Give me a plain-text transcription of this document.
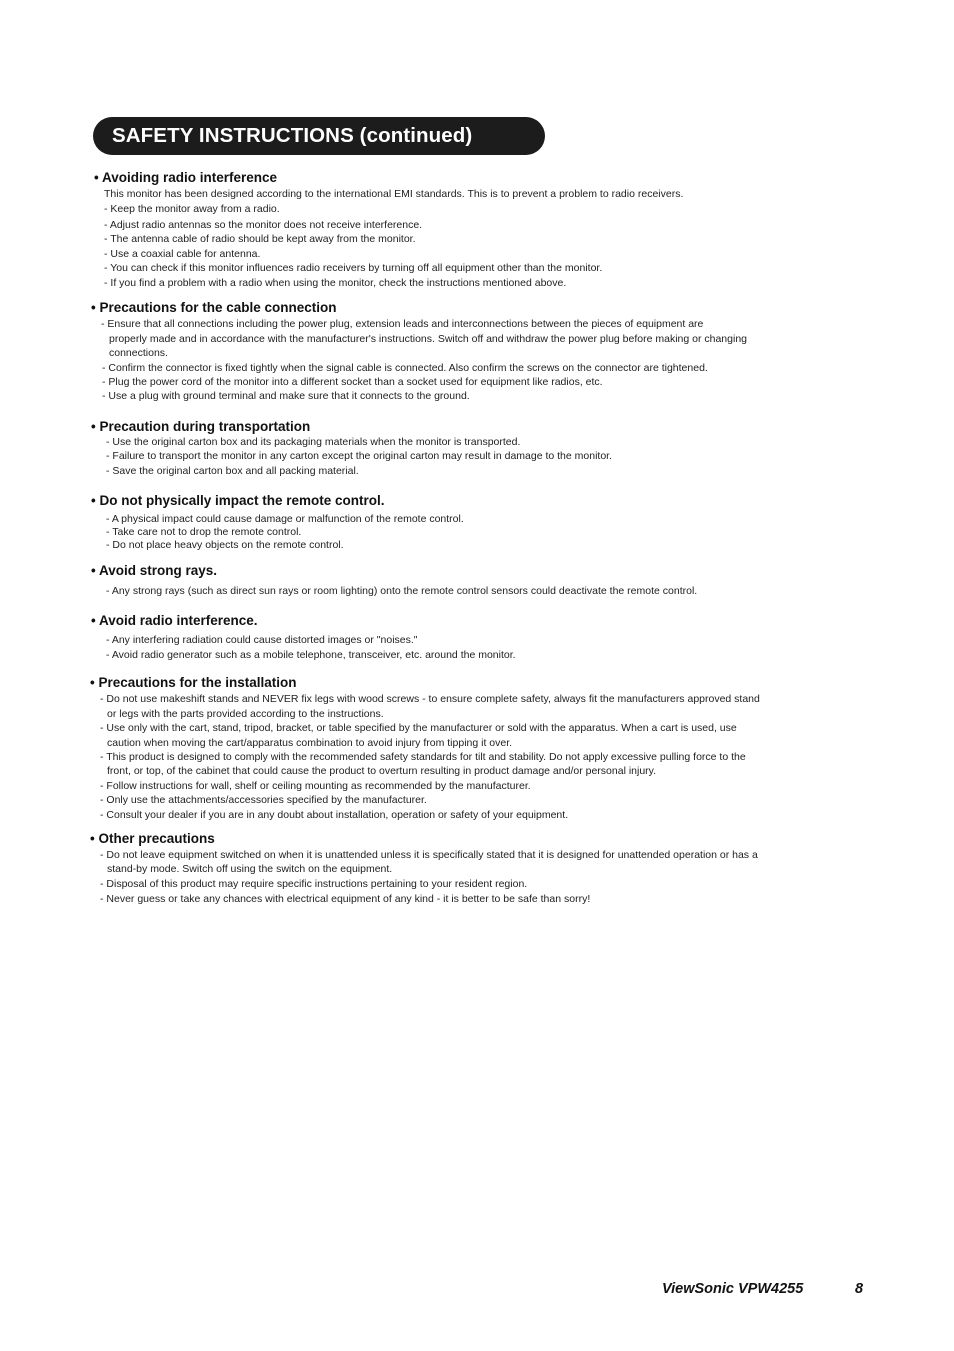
SAFETY INSTRUCTIONS (continued)
• Avoiding radio interference
This monitor has been designed according to the international EMI standards. This is to prevent a problem to radio receivers.
- Keep the monitor away from a radio.
- Adjust radio antennas so the monitor does not receive interference.
- The antenna cable of radio should be kept away from the monitor.
- Use a coaxial cable for antenna.
- You can check if this monitor influences radio receivers by turning off all equipment other than the monitor.
- If you find a problem with a radio when using the monitor, check the instructions mentioned above.
• Precautions for the cable connection
- Ensure that all connections including the power plug, extension leads and interconnections between the pieces of equipment are
properly made and in accordance with the manufacturer's instructions. Switch off and withdraw the power plug before making or changing
connections.
- Confirm the connector is fixed tightly when the signal cable is connected. Also confirm the screws on the connector are tightened.
- Plug the power cord of the monitor into a different socket than a socket used for equipment like radios, etc.
- Use a plug with ground terminal and make sure that it connects to the ground.
• Precaution during transportation
- Use the original carton box and its packaging materials when the monitor is transported.
- Failure to transport the monitor in any carton except the original carton may result in damage to the monitor.
- Save the original carton box and all packing material.
• Do not physically impact the remote control.
- A physical impact could cause damage or malfunction of the remote control.
- Take care not to drop the remote control.
- Do not place heavy objects on the remote control.
• Avoid strong rays.
- Any strong rays (such as direct sun rays or room lighting) onto the remote control sensors could deactivate the remote control.
• Avoid radio interference.
- Any interfering radiation could cause distorted images or "noises."
- Avoid radio generator such as a mobile telephone, transceiver, etc. around the monitor.
• Precautions for the installation
- Do not use makeshift stands and NEVER fix legs with wood screws - to ensure complete safety, always fit the manufacturers approved stand
or legs with the parts provided according to the instructions.
- Use only with the cart, stand, tripod, bracket, or table specified by the manufacturer or sold with the apparatus. When a cart is used, use
caution when moving the cart/apparatus combination to avoid injury from tipping it over.
- This product is designed to comply with the recommended safety standards for tilt and stability. Do not apply excessive pulling force to the
front, or top, of the cabinet that could cause the product to overturn resulting in product damage and/or personal injury.
- Follow instructions for wall, shelf or ceiling mounting as recommended by the manufacturer.
- Only use the attachments/accessories specified by the manufacturer.
- Consult your dealer if you are in any doubt about installation, operation or safety of your equipment.
• Other precautions
- Do not leave equipment switched on when it is unattended unless it is specifically stated that it is designed for unattended operation or has a
stand-by mode. Switch off using the switch on the equipment.
- Disposal of this product may require specific instructions pertaining to your resident region.
- Never guess or take any chances with electrical equipment of any kind - it is better to be safe than sorry!
ViewSonic VPW4255	8
